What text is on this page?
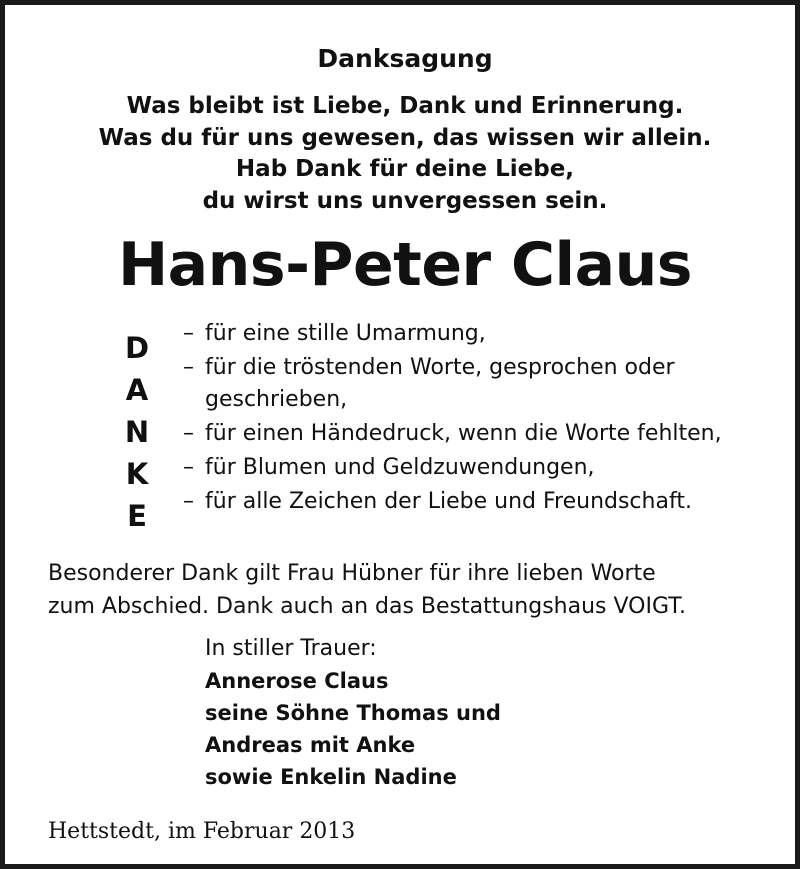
Danksagung
Was bleibt ist Liebe, Dank und Erinnerung.
Was du für uns gewesen, das wissen wir allein.
Hab Dank für deine Liebe,
du wirst uns unvergessen sein.
Hans-Peter Claus
D
A
N
K
E
– für eine stille Umarmung,
– für die tröstenden Worte, gesprochen oder geschrieben,
– für einen Händedruck, wenn die Worte fehlten,
– für Blumen und Geldzuwendungen,
– für alle Zeichen der Liebe und Freundschaft.
Besonderer Dank gilt Frau Hübner für ihre lieben Worte
zum Abschied. Dank auch an das Bestattungshaus VOIGT.
In stiller Trauer:
Annerose Claus
seine Söhne Thomas und
Andreas mit Anke
sowie Enkelin Nadine
Hettstedt, im Februar 2013
